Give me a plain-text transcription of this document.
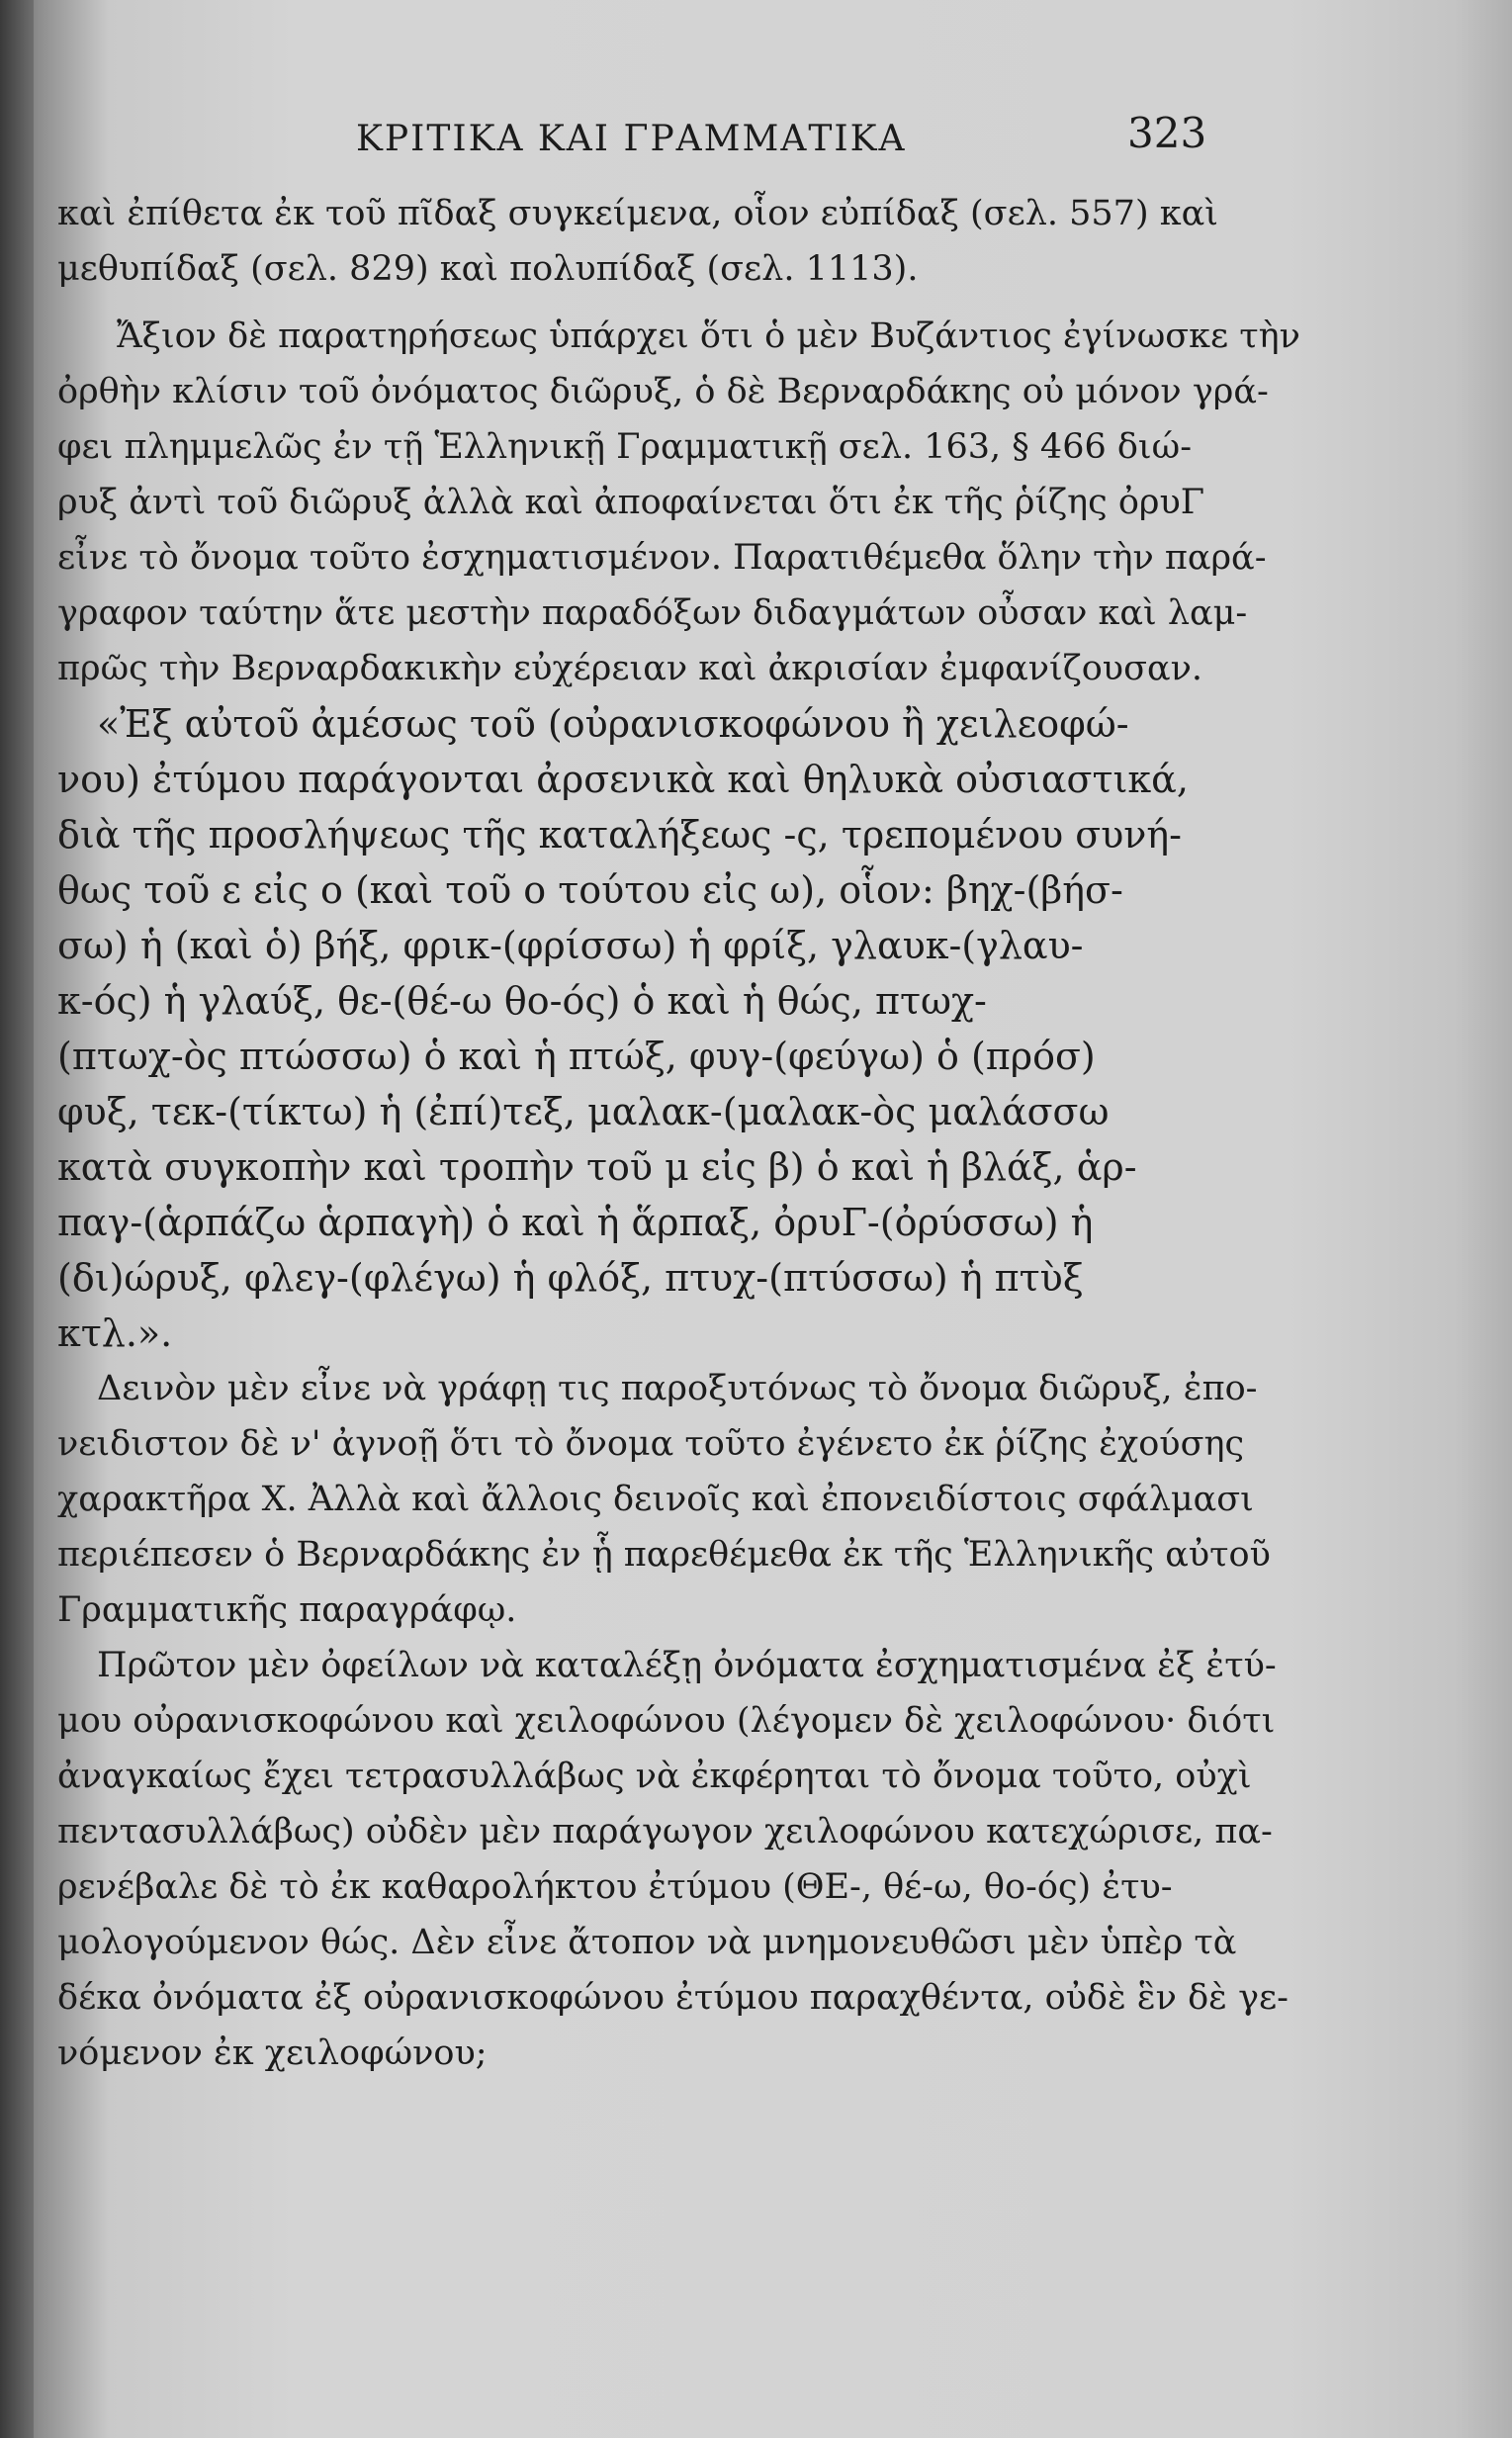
ΚΡΙΤΙΚΑ ΚΑΙ ΓΡΑΜΜΑΤΙΚΑ	323
καὶ ἐπίθετα ἐκ τοῦ πῖδαξ συγκείμενα, οἷον εὐπίδαξ (σελ. 557) καὶ
μεθυπίδαξ (σελ. 829) καὶ πολυπίδαξ (σελ. 1113).
Ἄξιον δὲ παρατηρήσεως ὑπάρχει ὅτι ὁ μὲν Βυζάντιος ἐγίνωσκε τὴν
ὀρθὴν κλίσιν τοῦ ὀνόματος διῶρυξ, ὁ δὲ Βερναρδάκης οὐ μόνον γρά-
φει πλημμελῶς ἐν τῇ Ἑλληνικῇ Γραμματικῇ σελ. 163, § 466 διώ-
ρυξ ἀντὶ τοῦ διῶρυξ ἀλλὰ καὶ ἀποφαίνεται ὅτι ἐκ τῆς ῥίζης ὀρυΓ
εἶνε τὸ ὄνομα τοῦτο ἐσχηματισμένον. Παρατιθέμεθα ὅλην τὴν παρά-
γραφον ταύτην ἅτε μεστὴν παραδόξων διδαγμάτων οὖσαν καὶ λαμ-
πρῶς τὴν Βερναρδακικὴν εὐχέρειαν καὶ ἀκρισίαν ἐμφανίζουσαν.
«Ἐξ αὐτοῦ ἀμέσως τοῦ (οὐρανισκοφώνου ἢ χειλεοφώ-
νου) ἐτύμου παράγονται ἀρσενικὰ καὶ θηλυκὰ οὐσιαστικά,
διὰ τῆς προσλήψεως τῆς καταλήξεως -ς, τρεπομένου συνή-
θως τοῦ ε εἰς ο (καὶ τοῦ ο τούτου εἰς ω), οἷον: βηχ-(βήσ-
σω) ἡ (καὶ ὁ) βήξ, φρικ-(φρίσσω) ἡ φρίξ, γλαυκ-(γλαυ-
κ-ός) ἡ γλαύξ, θε-(θέ-ω θο-ός) ὁ καὶ ἡ θώς, πτωχ-
(πτωχ-ὸς πτώσσω) ὁ καὶ ἡ πτώξ, φυγ-(φεύγω) ὁ (πρόσ)
φυξ, τεκ-(τίκτω) ἡ (ἐπί)τεξ, μαλακ-(μαλακ-ὸς μαλάσσω
κατὰ συγκοπὴν καὶ τροπὴν τοῦ μ εἰς β) ὁ καὶ ἡ βλάξ, ἁρ-
παγ-(ἁρπάζω ἁρπαγὴ) ὁ καὶ ἡ ἅρπαξ, ὀρυΓ-(ὀρύσσω) ἡ
(δι)ώρυξ, φλεγ-(φλέγω) ἡ φλόξ, πτυχ-(πτύσσω) ἡ πτὺξ
κτλ.».
Δεινὸν μὲν εἶνε νὰ γράφῃ τις παροξυτόνως τὸ ὄνομα διῶρυξ, ἐπο-
νειδιστον δὲ ν' ἀγνοῇ ὅτι τὸ ὄνομα τοῦτο ἐγένετο ἐκ ῥίζης ἐχούσης
χαρακτῆρα Χ. Ἀλλὰ καὶ ἄλλοις δεινοῖς καὶ ἐπονειδίστοις σφάλμασι
περιέπεσεν ὁ Βερναρδάκης ἐν ᾗ παρεθέμεθα ἐκ τῆς Ἑλληνικῆς αὐτοῦ
Γραμματικῆς παραγράφῳ.
Πρῶτον μὲν ὀφείλων νὰ καταλέξῃ ὀνόματα ἐσχηματισμένα ἐξ ἐτύ-
μου οὐρανισκοφώνου καὶ χειλοφώνου (λέγομεν δὲ χειλοφώνου· διότι
ἀναγκαίως ἔχει τετρασυλλάβως νὰ ἐκφέρηται τὸ ὄνομα τοῦτο, οὐχὶ
πεντασυλλάβως) οὐδὲν μὲν παράγωγον χειλοφώνου κατεχώρισε, πα-
ρενέβαλε δὲ τὸ ἐκ καθαρολήκτου ἐτύμου (ΘΕ-, θέ-ω, θο-ός) ἐτυ-
μολογούμενον θώς. Δὲν εἶνε ἄτοπον νὰ μνημονευθῶσι μὲν ὑπὲρ τὰ
δέκα ὀνόματα ἐξ οὐρανισκοφώνου ἐτύμου παραχθέντα, οὐδὲ ἓν δὲ γε-
νόμενον ἐκ χειλοφώνου;
